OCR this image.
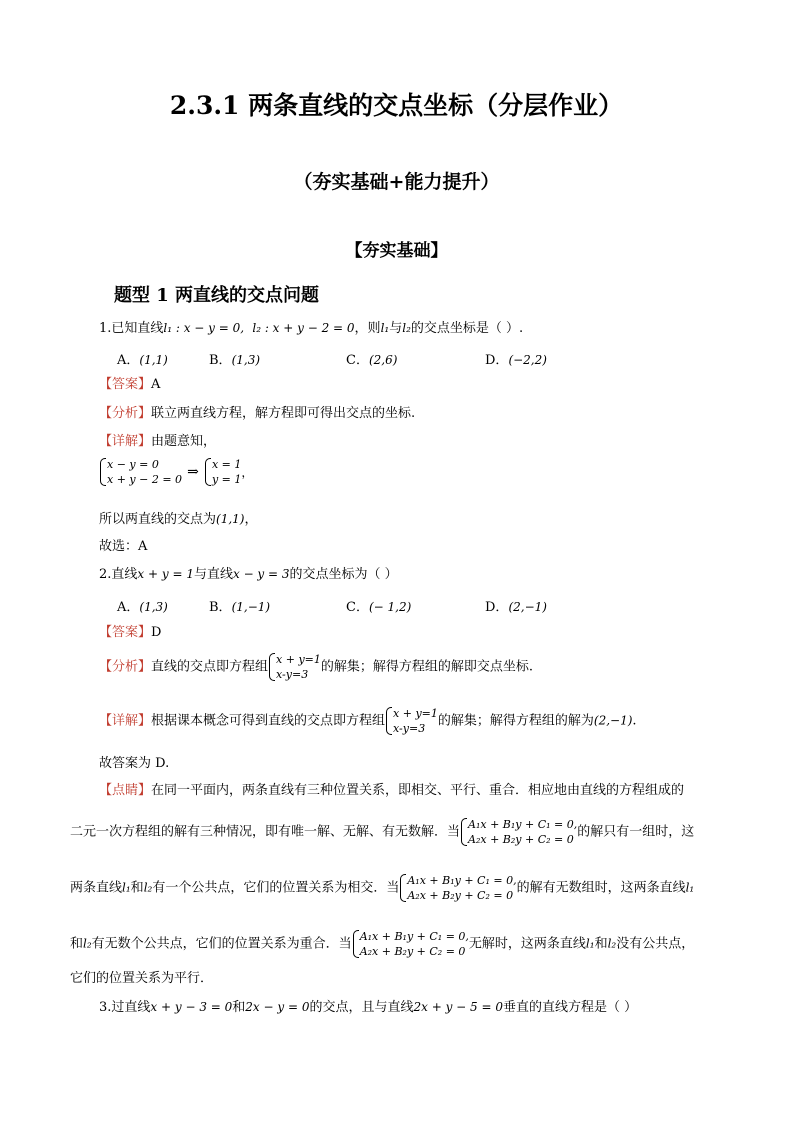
2.3.1 两条直线的交点坐标（分层作业）
（夯实基础+能力提升）
【夯实基础】
题型 1 两直线的交点问题
1.已知直线l₁ : x − y = 0, l₂ : x + y − 2 = 0，则l₁与l₂的交点坐标是（ ）.
A．(1,1)	B．(1,3)	C．(2,6)	D．(−2,2)
【答案】A
【分析】联立两直线方程，解方程即可得出交点的坐标.
【详解】由题意知，
x − y = 0
x + y − 2 = 0 ⇒ x = 1
y = 1 ，
所以两直线的交点为(1,1)，
故选：A
2.直线x + y = 1与直线x − y = 3的交点坐标为（ ）
A．(1,3)	B．(1,−1)	C．(− 1,2)	D．(2,−1)
【答案】D
【分析】直线的交点即方程组 x + y=1
x-y=3 的解集；解得方程组的解即交点坐标.
【详解】根据课本概念可得到直线的交点即方程组 x + y=1
x-y=3 的解集；解得方程组的解为(2,−1).
故答案为 D.
【点睛】在同一平面内，两条直线有三种位置关系，即相交、平行、重合．相应地由直线的方程组成的
二元一次方程组的解有三种情况，即有唯一解、无解、有无数解．当 A₁x + B₁y + C₁ = 0,
A₂x + B₂y + C₂ = 0 的解只有一组时，这
两条直线l₁和l₂有一个公共点，它们的位置关系为相交．当 A₁x + B₁y + C₁ = 0,
A₂x + B₂y + C₂ = 0 的解有无数组时，这两条直线l₁
和l₂有无数个公共点，它们的位置关系为重合．当 A₁x + B₁y + C₁ = 0,
A₂x + B₂y + C₂ = 0 无解时，这两条直线l₁和l₂没有公共点，
它们的位置关系为平行．
3.过直线x + y − 3 = 0和2x − y = 0的交点，且与直线2x + y − 5 = 0垂直的直线方程是（ ）
